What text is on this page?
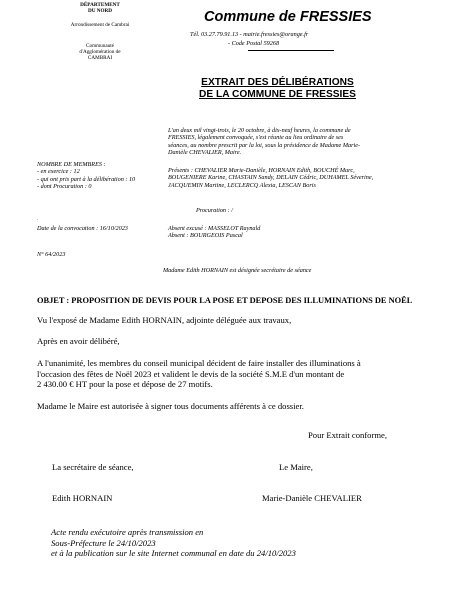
DÉPARTEMENT
DU NORD
Arrondissement de Cambrai
Communauté
d'Agglomération de
CAMBRAI
Commune de FRESSIES
Tél. 03.27.79.91.13 - mairie.fressies@orange.fr
- Code Postal 59268
EXTRAIT DES DÉLIBÉRATIONS
DE LA COMMUNE DE FRESSIES
L'an deux mil vingt-trois, le 20 octobre, à dix-neuf heures, la commune de
FRESSIES, légalement convoquée, s'est réunie au lieu ordinaire de ses
séances, au nombre prescrit par la loi, sous la présidence de Madame Marie-
Danièle CHEVALIER, Maire.
NOMBRE DE MEMBRES :
- en exercice : 12
- qui ont pris part à la délibération : 10
- dont Procuration : 0
Présents : CHEVALIER Marie-Danièle, HORNAIN Edith, BOUCHÉ Marc,
BOUGENIERE Karine, CHASTAIN Sandy, DELAIN Cédric, DUHAMEL Séverine,
JACQUEMIN Martine, LECLERCQ Alexia, LESCAN Boris
Procuration : /
.
Date de la convocation : 16/10/2023	Absent excusé : MASSELOT Raynald
Absent : BOURGEOIS Pascal
N° 64/2023
Madame Edith HORNAIN est désignée secrétaire de séance
OBJET : PROPOSITION DE DEVIS POUR LA POSE ET DEPOSE DES ILLUMINATIONS DE NOËL
Vu l'exposé de Madame Edith HORNAIN, adjointe déléguée aux travaux,
Après en avoir délibéré,
A l'unanimité, les membres du conseil municipal décident de faire installer des illuminations à
l'occasion des fêtes de Noël 2023 et valident le devis de la société S.M.E d'un montant de
2 430.00 € HT pour la pose et dépose de 27 motifs.
Madame le Maire est autorisée à signer tous documents afférents à ce dossier.
Pour Extrait conforme,
La secrétaire de séance,	Le Maire,
Edith HORNAIN	Marie-Danièle CHEVALIER
Acte rendu exécutoire après transmission en
Sous-Préfecture le 24/10/2023
et à la publication sur le site Internet communal en date du 24/10/2023
